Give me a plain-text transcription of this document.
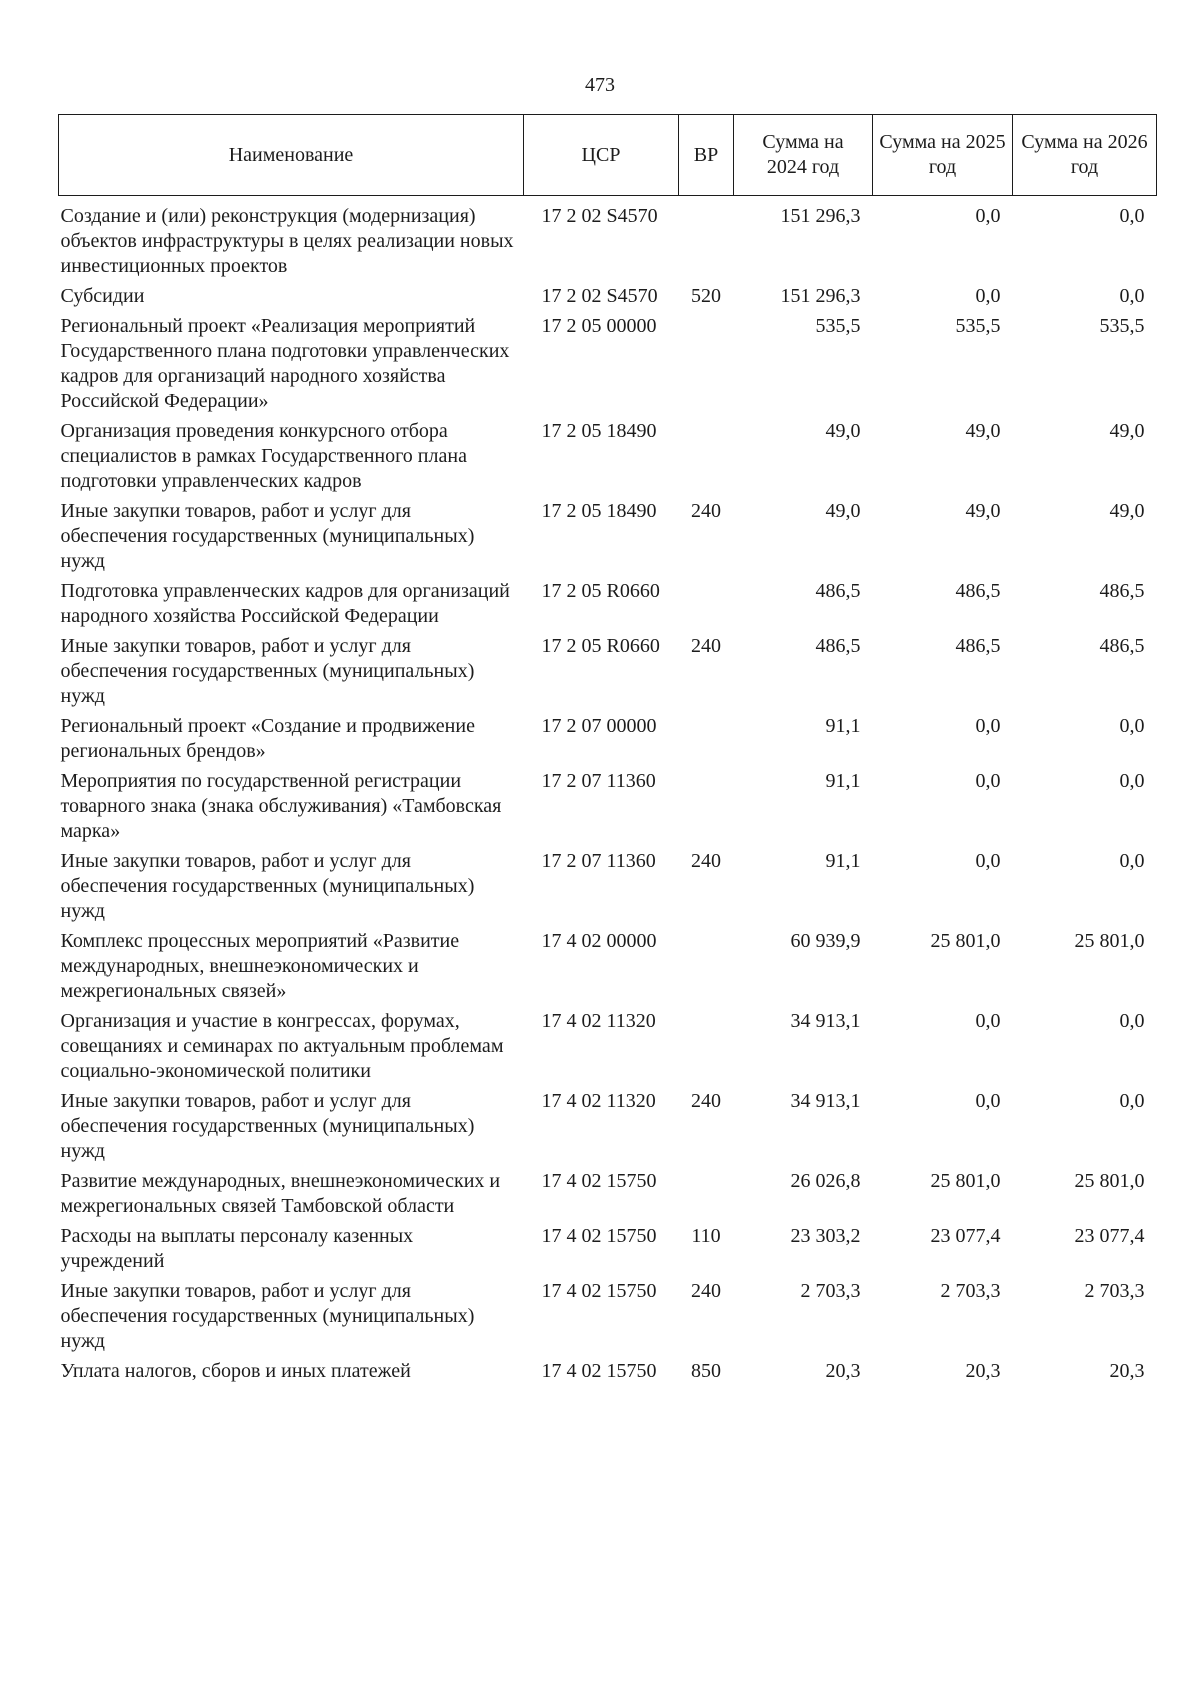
473
Наименование	ЦСР	ВР	Сумма на 2024 год	Сумма на 2025 год	Сумма на 2026 год
Создание и (или) реконструкция (модернизация) объектов инфраструктуры в целях реализации новых инвестиционных проектов	17 2 02 S4570		151 296,3	0,0	0,0
Субсидии	17 2 02 S4570	520	151 296,3	0,0	0,0
Региональный проект «Реализация мероприятий Государственного плана подготовки управленческих кадров для организаций народного хозяйства Российской Федерации»	17 2 05 00000		535,5	535,5	535,5
Организация проведения конкурсного отбора специалистов в рамках Государственного плана подготовки управленческих кадров	17 2 05 18490		49,0	49,0	49,0
Иные закупки товаров, работ и услуг для обеспечения государственных (муниципальных) нужд	17 2 05 18490	240	49,0	49,0	49,0
Подготовка управленческих кадров для организаций народного хозяйства Российской Федерации	17 2 05 R0660		486,5	486,5	486,5
Иные закупки товаров, работ и услуг для обеспечения государственных (муниципальных) нужд	17 2 05 R0660	240	486,5	486,5	486,5
Региональный проект «Создание и продвижение региональных брендов»	17 2 07 00000		91,1	0,0	0,0
Мероприятия по государственной регистрации товарного знака (знака обслуживания) «Тамбовская марка»	17 2 07 11360		91,1	0,0	0,0
Иные закупки товаров, работ и услуг для обеспечения государственных (муниципальных) нужд	17 2 07 11360	240	91,1	0,0	0,0
Комплекс процессных мероприятий «Развитие международных, внешнеэкономических и межрегиональных связей»	17 4 02 00000		60 939,9	25 801,0	25 801,0
Организация и участие в конгрессах, форумах, совещаниях и семинарах по актуальным проблемам социально-экономической политики	17 4 02 11320		34 913,1	0,0	0,0
Иные закупки товаров, работ и услуг для обеспечения государственных (муниципальных) нужд	17 4 02 11320	240	34 913,1	0,0	0,0
Развитие международных, внешнеэкономических и межрегиональных связей Тамбовской области	17 4 02 15750		26 026,8	25 801,0	25 801,0
Расходы на выплаты персоналу казенных учреждений	17 4 02 15750	110	23 303,2	23 077,4	23 077,4
Иные закупки товаров, работ и услуг для обеспечения государственных (муниципальных) нужд	17 4 02 15750	240	2 703,3	2 703,3	2 703,3
Уплата налогов, сборов и иных платежей	17 4 02 15750	850	20,3	20,3	20,3
